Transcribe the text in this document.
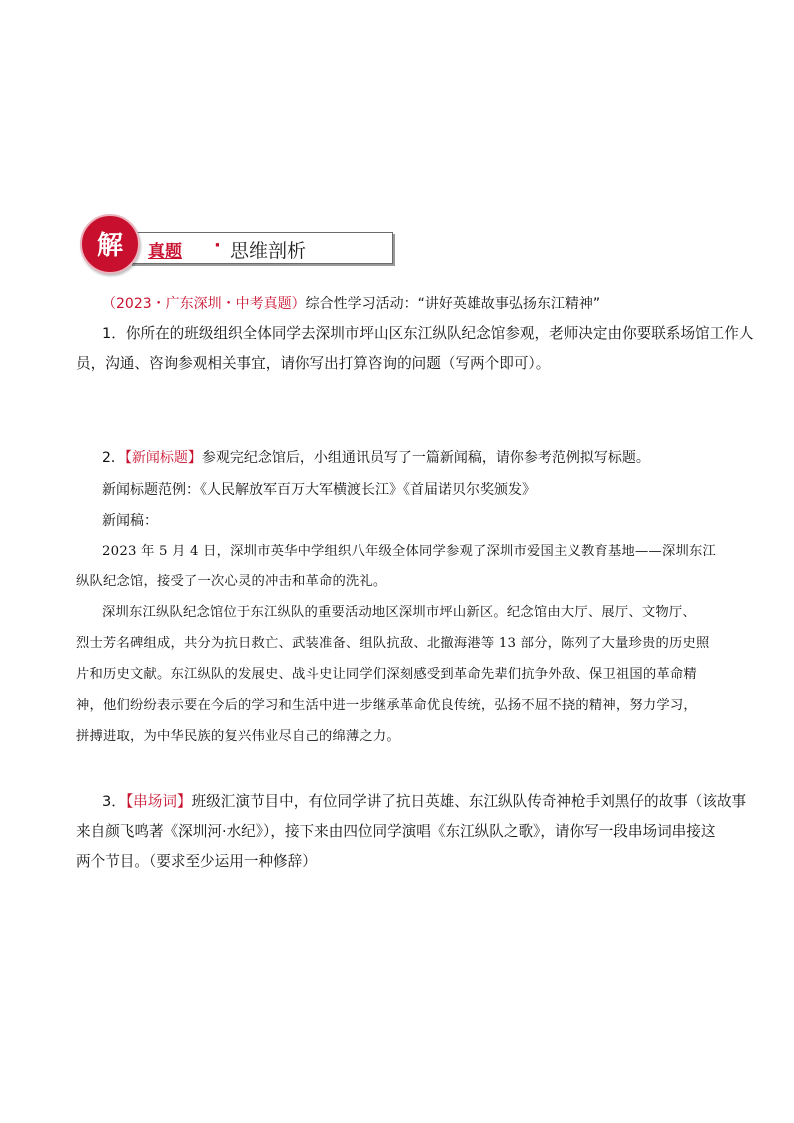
真题 · 思维剖析
解
（2023・广东深圳・中考真题）综合性学习活动：“讲好英雄故事弘扬东江精神”
1．你所在的班级组织全体同学去深圳市坪山区东江纵队纪念馆参观，老师决定由你要联系场馆工作人
员，沟通、咨询参观相关事宜，请你写出打算咨询的问题（写两个即可）。
2．【新闻标题】参观完纪念馆后，小组通讯员写了一篇新闻稿，请你参考范例拟写标题。
新闻标题范例：《人民解放军百万大军横渡长江》《首届诺贝尔奖颁发》
新闻稿：
2023 年 5 月 4 日，深圳市英华中学组织八年级全体同学参观了深圳市爱国主义教育基地——深圳东江
纵队纪念馆，接受了一次心灵的冲击和革命的洗礼。
深圳东江纵队纪念馆位于东江纵队的重要活动地区深圳市坪山新区。纪念馆由大厅、展厅、文物厅、
烈士芳名碑组成，共分为抗日救亡、武装准备、组队抗敌、北撤海港等 13 部分，陈列了大量珍贵的历史照
片和历史文献。东江纵队的发展史、战斗史让同学们深刻感受到革命先辈们抗争外敌、保卫祖国的革命精
神，他们纷纷表示要在今后的学习和生活中进一步继承革命优良传统，弘扬不屈不挠的精神，努力学习，
拼搏进取，为中华民族的复兴伟业尽自己的绵薄之力。
3．【串场词】班级汇演节目中，有位同学讲了抗日英雄、东江纵队传奇神枪手刘黑仔的故事（该故事
来自颜飞鸣著《深圳河·水纪》），接下来由四位同学演唱《东江纵队之歌》，请你写一段串场词串接这
两个节目。（要求至少运用一种修辞）
